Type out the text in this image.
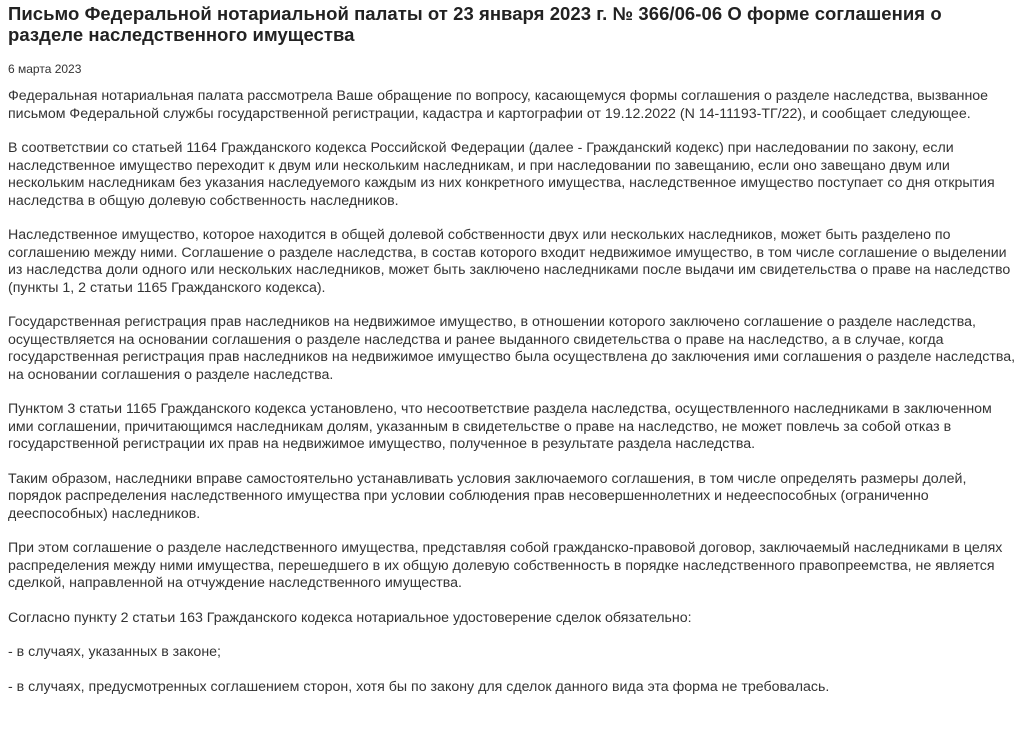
Письмо Федеральной нотариальной палаты от 23 января 2023 г. № 366/06-06 О форме соглашения о разделе наследственного имущества
6 марта 2023

Федеральная нотариальная палата рассмотрела Ваше обращение по вопросу, касающемуся формы соглашения о разделе наследства, вызванное письмом Федеральной службы государственной регистрации, кадастра и картографии от 19.12.2022 (N 14-11193-ТГ/22), и сообщает следующее.

В соответствии со статьей 1164 Гражданского кодекса Российской Федерации (далее - Гражданский кодекс) при наследовании по закону, если наследственное имущество переходит к двум или нескольким наследникам, и при наследовании по завещанию, если оно завещано двум или нескольким наследникам без указания наследуемого каждым из них конкретного имущества, наследственное имущество поступает со дня открытия наследства в общую долевую собственность наследников.

Наследственное имущество, которое находится в общей долевой собственности двух или нескольких наследников, может быть разделено по соглашению между ними. Соглашение о разделе наследства, в состав которого входит недвижимое имущество, в том числе соглашение о выделении из наследства доли одного или нескольких наследников, может быть заключено наследниками после выдачи им свидетельства о праве на наследство (пункты 1, 2 статьи 1165 Гражданского кодекса).

Государственная регистрация прав наследников на недвижимое имущество, в отношении которого заключено соглашение о разделе наследства, осуществляется на основании соглашения о разделе наследства и ранее выданного свидетельства о праве на наследство, а в случае, когда государственная регистрация прав наследников на недвижимое имущество была осуществлена до заключения ими соглашения о разделе наследства, на основании соглашения о разделе наследства.

Пунктом 3 статьи 1165 Гражданского кодекса установлено, что несоответствие раздела наследства, осуществленного наследниками в заключенном ими соглашении, причитающимся наследникам долям, указанным в свидетельстве о праве на наследство, не может повлечь за собой отказ в государственной регистрации их прав на недвижимое имущество, полученное в результате раздела наследства.

Таким образом, наследники вправе самостоятельно устанавливать условия заключаемого соглашения, в том числе определять размеры долей, порядок распределения наследственного имущества при условии соблюдения прав несовершеннолетних и недееспособных (ограниченно дееспособных) наследников.

При этом соглашение о разделе наследственного имущества, представляя собой гражданско-правовой договор, заключаемый наследниками в целях распределения между ними имущества, перешедшего в их общую долевую собственность в порядке наследственного правопреемства, не является сделкой, направленной на отчуждение наследственного имущества.

Согласно пункту 2 статьи 163 Гражданского кодекса нотариальное удостоверение сделок обязательно:

- в случаях, указанных в законе;

- в случаях, предусмотренных соглашением сторон, хотя бы по закону для сделок данного вида эта форма не требовалась.
